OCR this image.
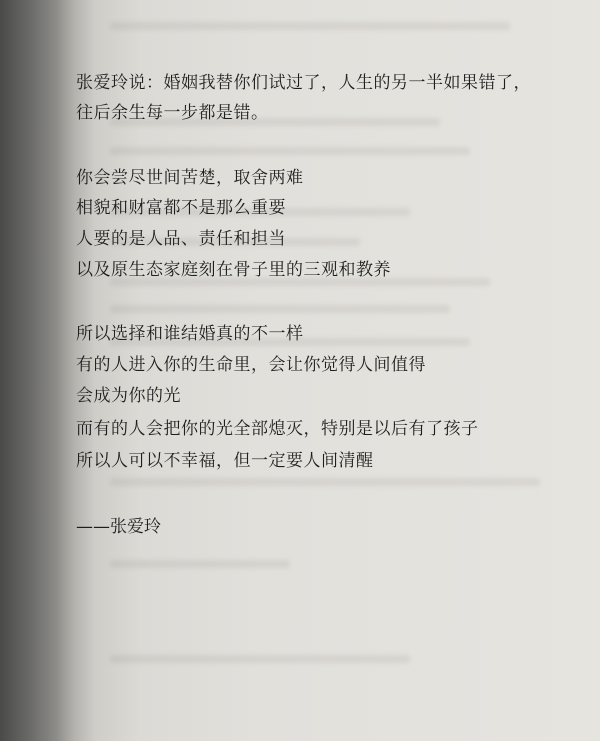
张爱玲说：婚姻我替你们试过了，人生的另一半如果错了，
往后余生每一步都是错。
你会尝尽世间苦楚，取舍两难
相貌和财富都不是那么重要
人要的是人品、责任和担当
以及原生态家庭刻在骨子里的三观和教养
所以选择和谁结婚真的不一样
有的人进入你的生命里，会让你觉得人间值得
会成为你的光
而有的人会把你的光全部熄灭，特别是以后有了孩子
所以人可以不幸福，但一定要人间清醒
——张爱玲
